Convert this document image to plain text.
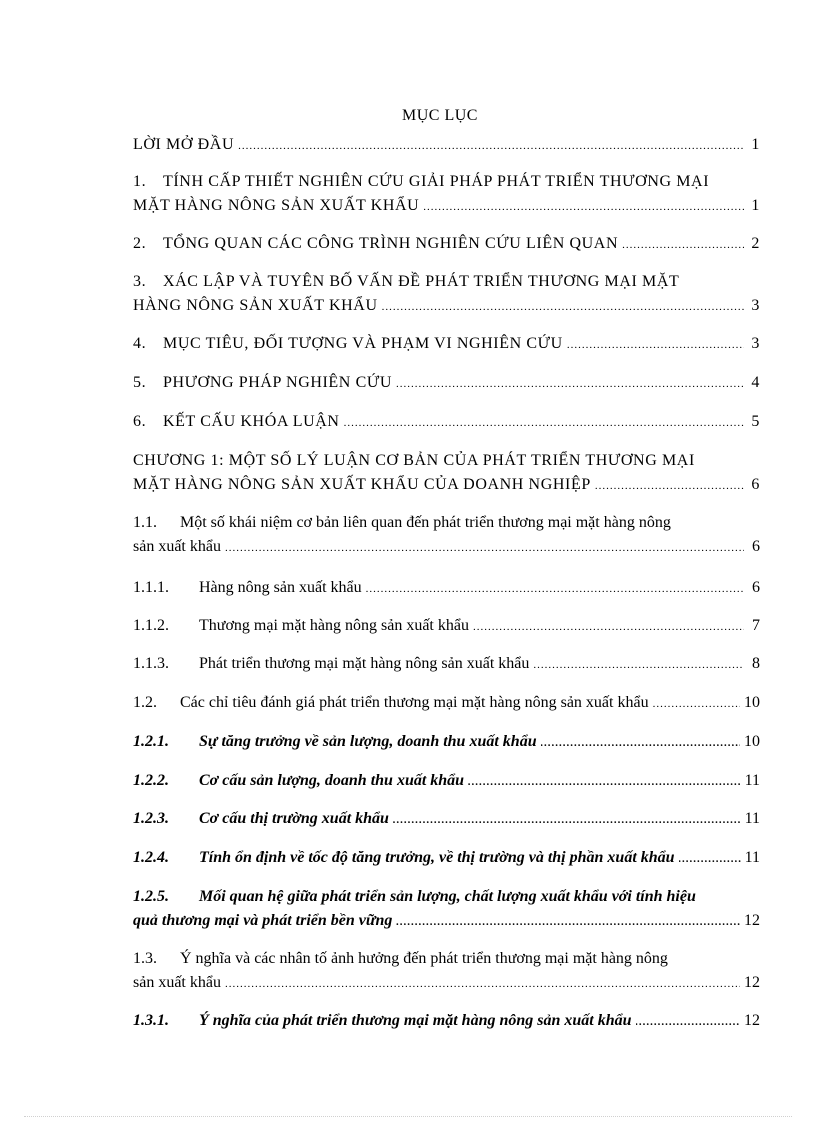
MỤC LỤC
LỜI MỞ ĐẦU .....	1
1. TÍNH CẤP THIẾT NGHIÊN CỨU GIẢI PHÁP PHÁT TRIỂN THƯƠNG MẠI
MẶT HÀNG NÔNG SẢN XUẤT KHẨU .....	1
2.	TỔNG QUAN CÁC CÔNG TRÌNH NGHIÊN CỨU LIÊN QUAN .....	2
3. XÁC LẬP VÀ TUYÊN BỐ VẤN ĐỀ PHÁT TRIỂN THƯƠNG MẠI MẶT
HÀNG NÔNG SẢN XUẤT KHẨU .....	3
4.	MỤC TIÊU, ĐỐI TƯỢNG VÀ PHẠM VI NGHIÊN CỨU .....	3
5.	PHƯƠNG PHÁP NGHIÊN CỨU .....	4
6.	KẾT CẤU KHÓA LUẬN .....	5
CHƯƠNG 1: MỘT SỐ LÝ LUẬN CƠ BẢN CỦA PHÁT TRIỂN THƯƠNG MẠI
MẶT HÀNG NÔNG SẢN XUẤT KHẨU CỦA DOANH NGHIỆP .....	6
1.1. Một số khái niệm cơ bản liên quan đến phát triển thương mại mặt hàng nông
sản xuất khẩu .....	6
1.1.1.	Hàng nông sản xuất khẩu .....	6
1.1.2.	Thương mại mặt hàng nông sản xuất khẩu .....	7
1.1.3.	Phát triển thương mại mặt hàng nông sản xuất khẩu .....	8
1.2.	Các chỉ tiêu đánh giá phát triển thương mại mặt hàng nông sản xuất khẩu .....	10
1.2.1.	Sự tăng trưởng về sản lượng, doanh thu xuất khẩu .....	10
1.2.2.	Cơ cấu sản lượng, doanh thu xuất khẩu .....	11
1.2.3.	Cơ cấu thị trường xuất khẩu .....	11
1.2.4.	Tính ổn định về tốc độ tăng trưởng, về thị trường và thị phần xuất khẩu .....	11
1.2.5. Mối quan hệ giữa phát triển sản lượng, chất lượng xuất khẩu với tính hiệu
quả thương mại và phát triển bền vững .....	12
1.3. Ý nghĩa và các nhân tố ảnh hưởng đến phát triển thương mại mặt hàng nông
sản xuất khẩu .....	12
1.3.1.	Ý nghĩa của phát triển thương mại mặt hàng nông sản xuất khẩu .....	12
